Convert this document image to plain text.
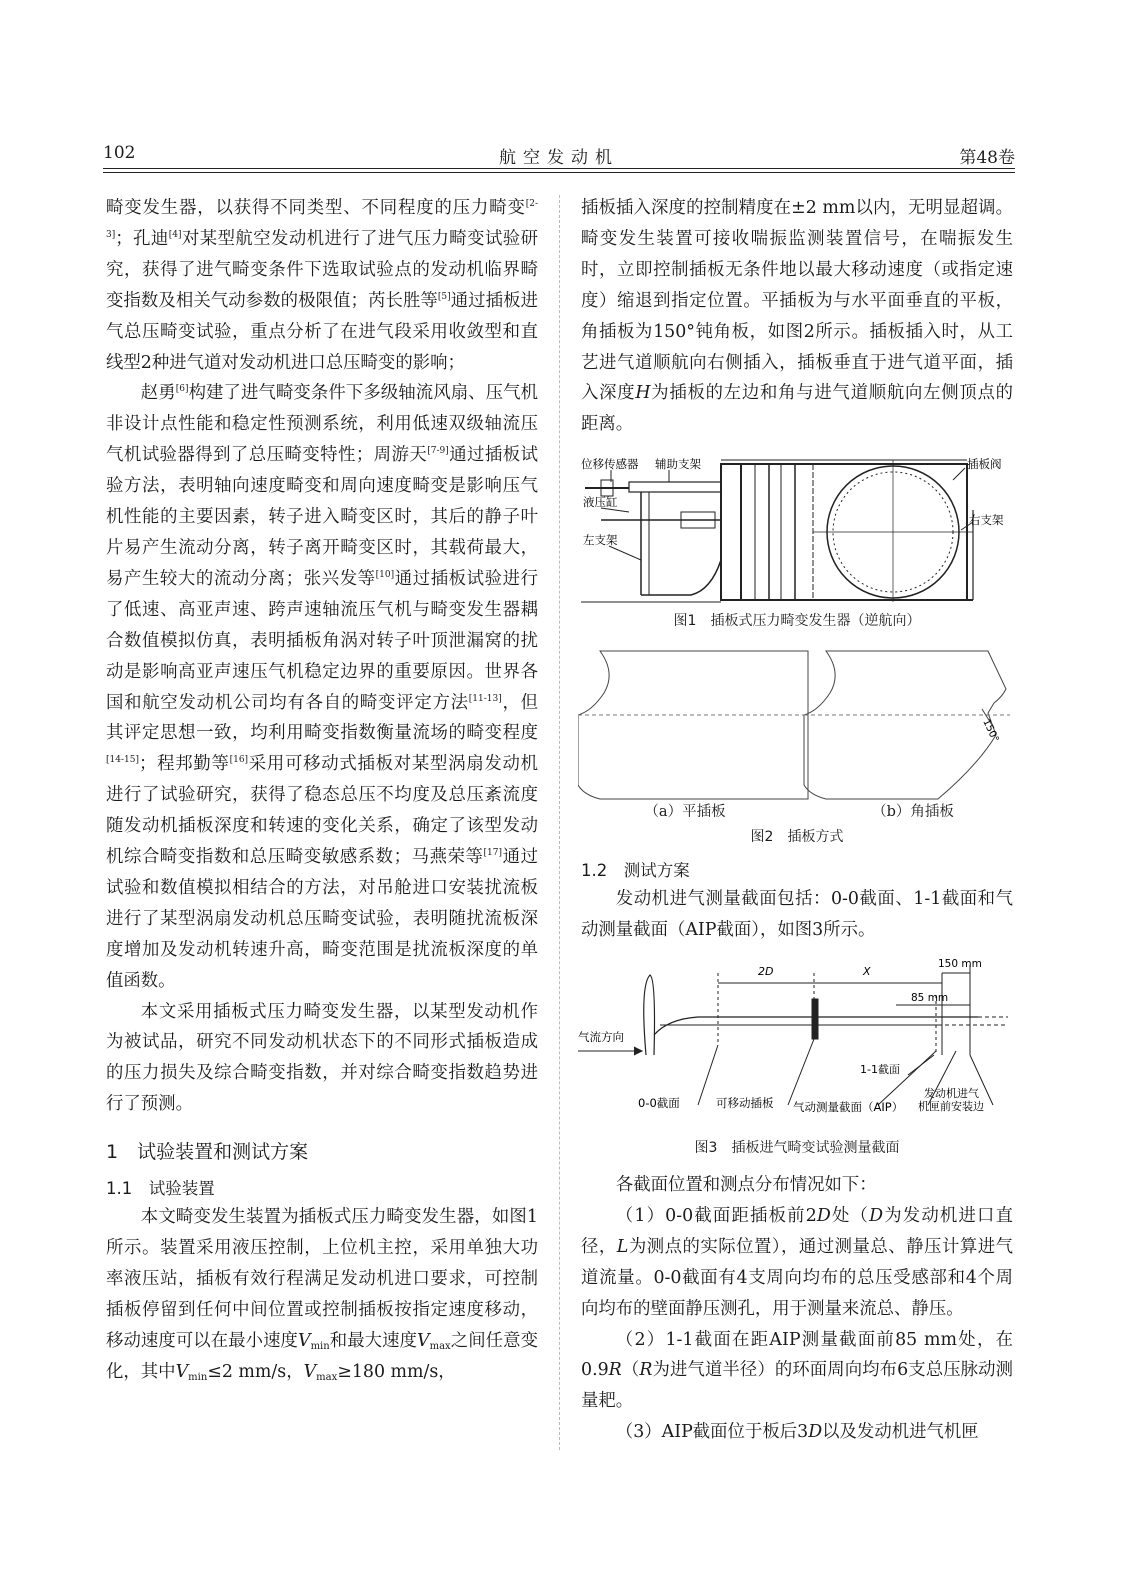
102	航空发动机	第48卷

畸变发生器，以获得不同类型、不同程度的压力畸变[2-3]；孔迪[4]对某型航空发动机进行了进气压力畸变试验研究，获得了进气畸变条件下选取试验点的发动机临界畸变指数及相关气动参数的极限值；芮长胜等[5]通过插板进气总压畸变试验，重点分析了在进气段采用收敛型和直线型2种进气道对发动机进口总压畸变的影响；

赵勇[6]构建了进气畸变条件下多级轴流风扇、压气机非设计点性能和稳定性预测系统，利用低速双级轴流压气机试验器得到了总压畸变特性；周游天[7-9]通过插板试验方法，表明轴向速度畸变和周向速度畸变是影响压气机性能的主要因素，转子进入畸变区时，其后的静子叶片易产生流动分离，转子离开畸变区时，其载荷最大，易产生较大的流动分离；张兴发等[10]通过插板试验进行了低速、高亚声速、跨声速轴流压气机与畸变发生器耦合数值模拟仿真，表明插板角涡对转子叶顶泄漏窝的扰动是影响高亚声速压气机稳定边界的重要原因。世界各国和航空发动机公司均有各自的畸变评定方法[11-13]，但其评定思想一致，均利用畸变指数衡量流场的畸变程度[14-15]；程邦勤等[16]采用可移动式插板对某型涡扇发动机进行了试验研究，获得了稳态总压不均度及总压紊流度随发动机插板深度和转速的变化关系，确定了该型发动机综合畸变指数和总压畸变敏感系数；马燕荣等[17]通过试验和数值模拟相结合的方法，对吊舱进口安装扰流板进行了某型涡扇发动机总压畸变试验，表明随扰流板深度增加及发动机转速升高，畸变范围是扰流板深度的单值函数。

本文采用插板式压力畸变发生器，以某型发动机作为被试品，研究不同发动机状态下的不同形式插板造成的压力损失及综合畸变指数，并对综合畸变指数趋势进行了预测。

1　试验装置和测试方案
1.1　试验装置

本文畸变发生装置为插板式压力畸变发生器，如图1所示。装置采用液压控制，上位机主控，采用单独大功率液压站，插板有效行程满足发动机进口要求，可控制插板停留到任何中间位置或控制插板按指定速度移动，移动速度可以在最小速度$V_{min}$和最大速度$V_{max}$之间任意变化，其中$V_{min}\le 2$ mm/s，$V_{max}\ge 180$ mm/s，

插板插入深度的控制精度在±2 mm以内，无明显超调。畸变发生装置可接收喘振监测装置信号，在喘振发生时，立即控制插板无条件地以最大移动速度（或指定速度）缩退到指定位置。平插板为与水平面垂直的平板，角插板为150°钝角板，如图2所示。插板插入时，从工艺进气道顺航向右侧插入，插板垂直于进气道平面，插入深度H为插板的左边和角与进气道顺航向左侧顶点的距离。

位移传感器 辅助支架
液压缸
左支架
插板阀
右支架
图1　插板式压力畸变发生器（逆航向）
150°
（a）平插板	（b）角插板
图2　插板方式
1.2　测试方案

发动机进气测量截面包括：0-0截面、1-1截面和气动测量截面（AIP截面），如图3所示。

2D	X
150 mm
85 mm
气流方向
1-1截面
0-0截面	可移动插板 气动测量截面（AIP）
发动机进气
机匣前安装边
图3　插板进气畸变试验测量截面

各截面位置和测点分布情况如下：

（1）0-0截面距插板前2D处（D为发动机进口直径，L为测点的实际位置），通过测量总、静压计算进气道流量。0-0截面有4支周向均布的总压受感部和4个周向均布的壁面静压测孔，用于测量来流总、静压。

（2）1-1截面在距AIP测量截面前85 mm处，在0.9R（R为进气道半径）的环面周向均布6支总压脉动测量耙。

（3）AIP截面位于板后3D以及发动机进气机匣
